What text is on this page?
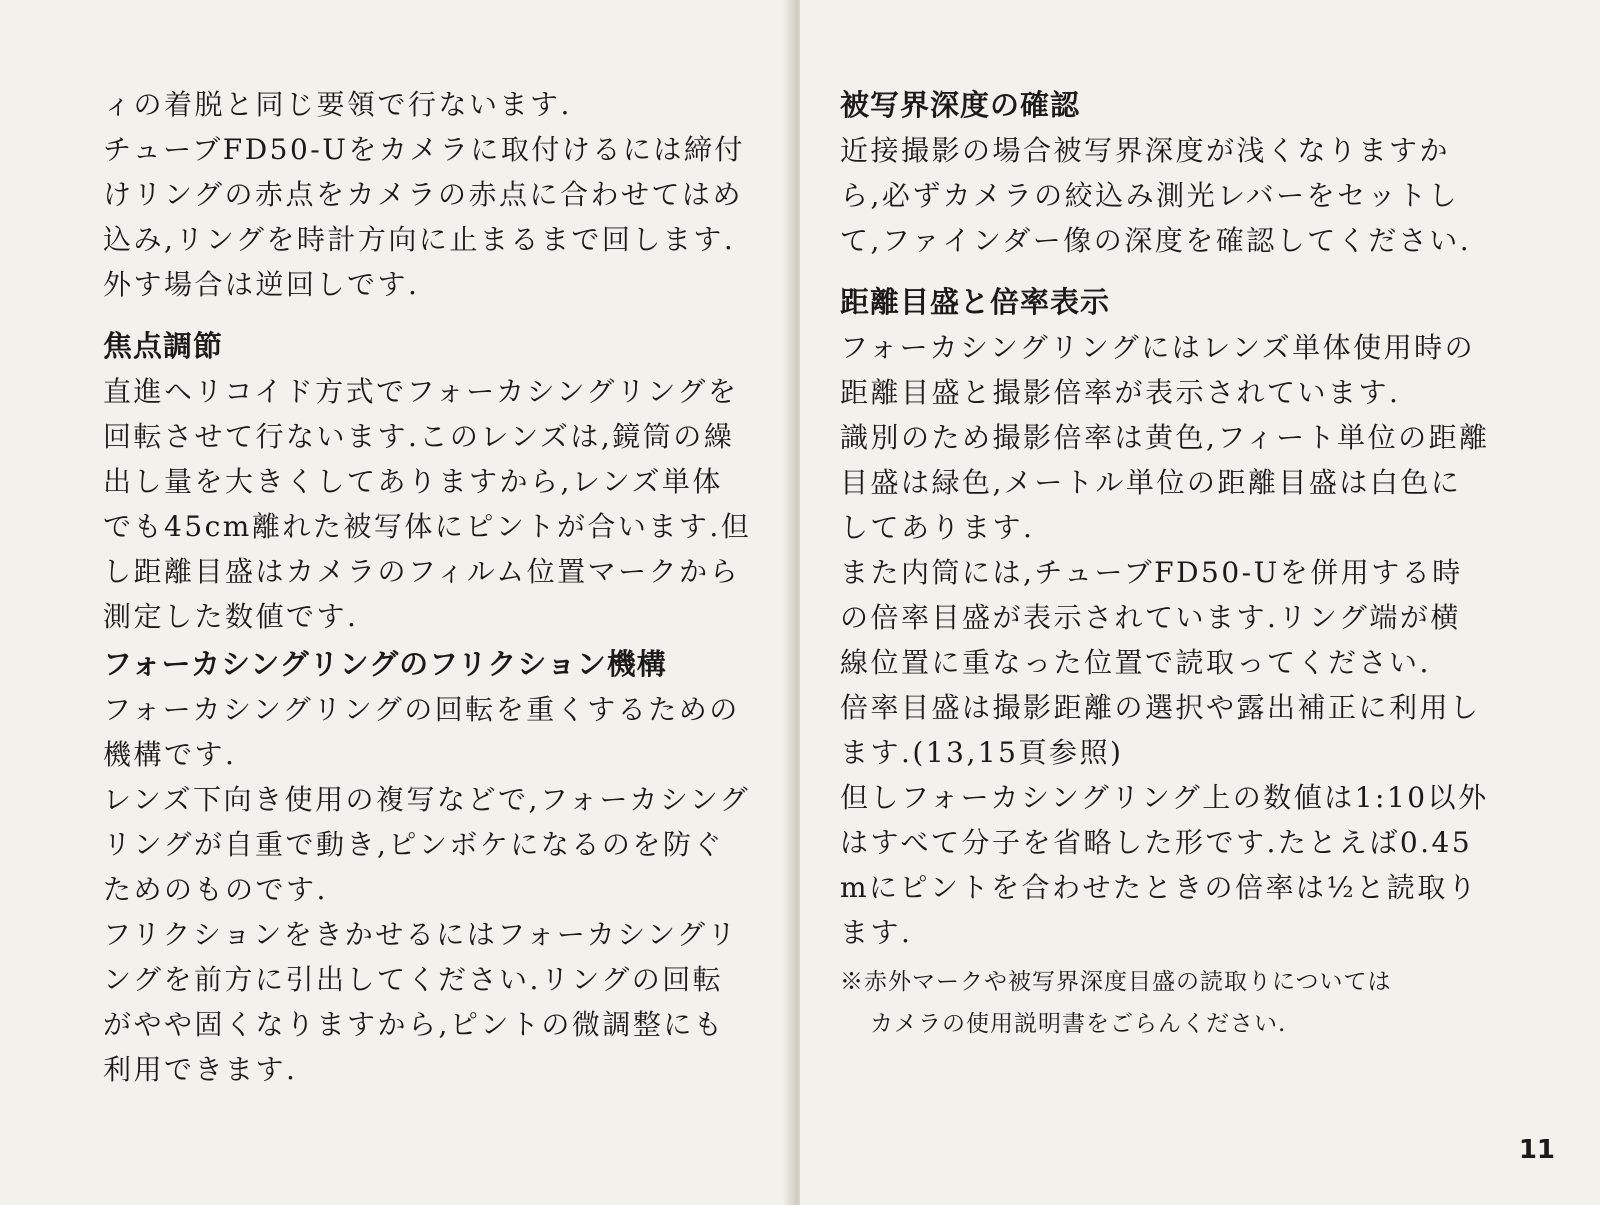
ィの着脱と同じ要領で行ないます.

チューブFD50-Uをカメラに取付けるには締付けリングの赤点をカメラの赤点に合わせてはめ込み,リングを時計方向に止まるまで回します.外す場合は逆回しです.

焦点調節

直進ヘリコイド方式でフォーカシングリングを回転させて行ないます.このレンズは,鏡筒の繰出し量を大きくしてありますから,レンズ単体でも45cm離れた被写体にピントが合います.但し距離目盛はカメラのフィルム位置マークから測定した数値です.

フォーカシングリングのフリクション機構

フォーカシングリングの回転を重くするための機構です.

レンズ下向き使用の複写などで,フォーカシングリングが自重で動き,ピンボケになるのを防ぐためのものです.

フリクションをきかせるにはフォーカシングリングを前方に引出してください.リングの回転がやや固くなりますから,ピントの微調整にも利用できます.

被写界深度の確認

近接撮影の場合被写界深度が浅くなりますから,必ずカメラの絞込み測光レバーをセットして,ファインダー像の深度を確認してください.

距離目盛と倍率表示

フォーカシングリングにはレンズ単体使用時の距離目盛と撮影倍率が表示されています.

識別のため撮影倍率は黄色,フィート単位の距離目盛は緑色,メートル単位の距離目盛は白色にしてあります.

また内筒には,チューブFD50-Uを併用する時の倍率目盛が表示されています.リング端が横線位置に重なった位置で読取ってください.

倍率目盛は撮影距離の選択や露出補正に利用します.(13,15頁参照)

但しフォーカシングリング上の数値は1:10以外はすべて分子を省略した形です.たとえば0.45mにピントを合わせたときの倍率は½と読取ります.

※赤外マークや被写界深度目盛の読取りについては

カメラの使用説明書をごらんください.

11
